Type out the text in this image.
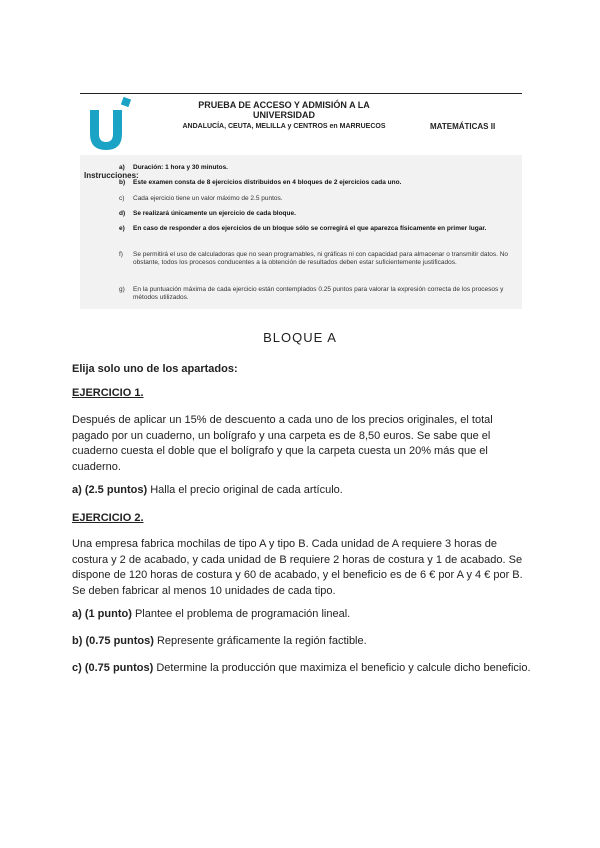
PRUEBA DE ACCESO Y ADMISIÓN A LA
UNIVERSIDAD
ANDALUCÍA, CEUTA, MELILLA y CENTROS en MARRUECOS	MATEMÁTICAS II
Instrucciones:
a) Duración: 1 hora y 30 minutos.
b) Este examen consta de 8 ejercicios distribuidos en 4 bloques de 2 ejercicios cada uno.
c) Cada ejercicio tiene un valor máximo de 2.5 puntos.
d) Se realizará únicamente un ejercicio de cada bloque.
e) En caso de responder a dos ejercicios de un bloque sólo se corregirá el que aparezca físicamente en primer lugar.
f) Se permitirá el uso de calculadoras que no sean programables, ni gráficas ni con capacidad para almacenar o transmitir datos. No obstante, todos los procesos conducentes a la obtención de resultados deben estar suficientemente justificados.
g) En la puntuación máxima de cada ejercicio están contemplados 0.25 puntos para valorar la expresión correcta de los procesos y métodos utilizados.
BLOQUE A
Elija solo uno de los apartados:
EJERCICIO 1.
Después de aplicar un 15% de descuento a cada uno de los precios originales, el total pagado por un cuaderno, un bolígrafo y una carpeta es de 8,50 euros. Se sabe que el cuaderno cuesta el doble que el bolígrafo y que la carpeta cuesta un 20% más que el cuaderno.
a) (2.5 puntos) Halla el precio original de cada artículo.
EJERCICIO 2.
Una empresa fabrica mochilas de tipo A y tipo B. Cada unidad de A requiere 3 horas de costura y 2 de acabado, y cada unidad de B requiere 2 horas de costura y 1 de acabado. Se dispone de 120 horas de costura y 60 de acabado, y el beneficio es de 6 € por A y 4 € por B. Se deben fabricar al menos 10 unidades de cada tipo.
a) (1 punto) Plantee el problema de programación lineal.
b) (0.75 puntos) Represente gráficamente la región factible.
c) (0.75 puntos) Determine la producción que maximiza el beneficio y calcule dicho beneficio.
